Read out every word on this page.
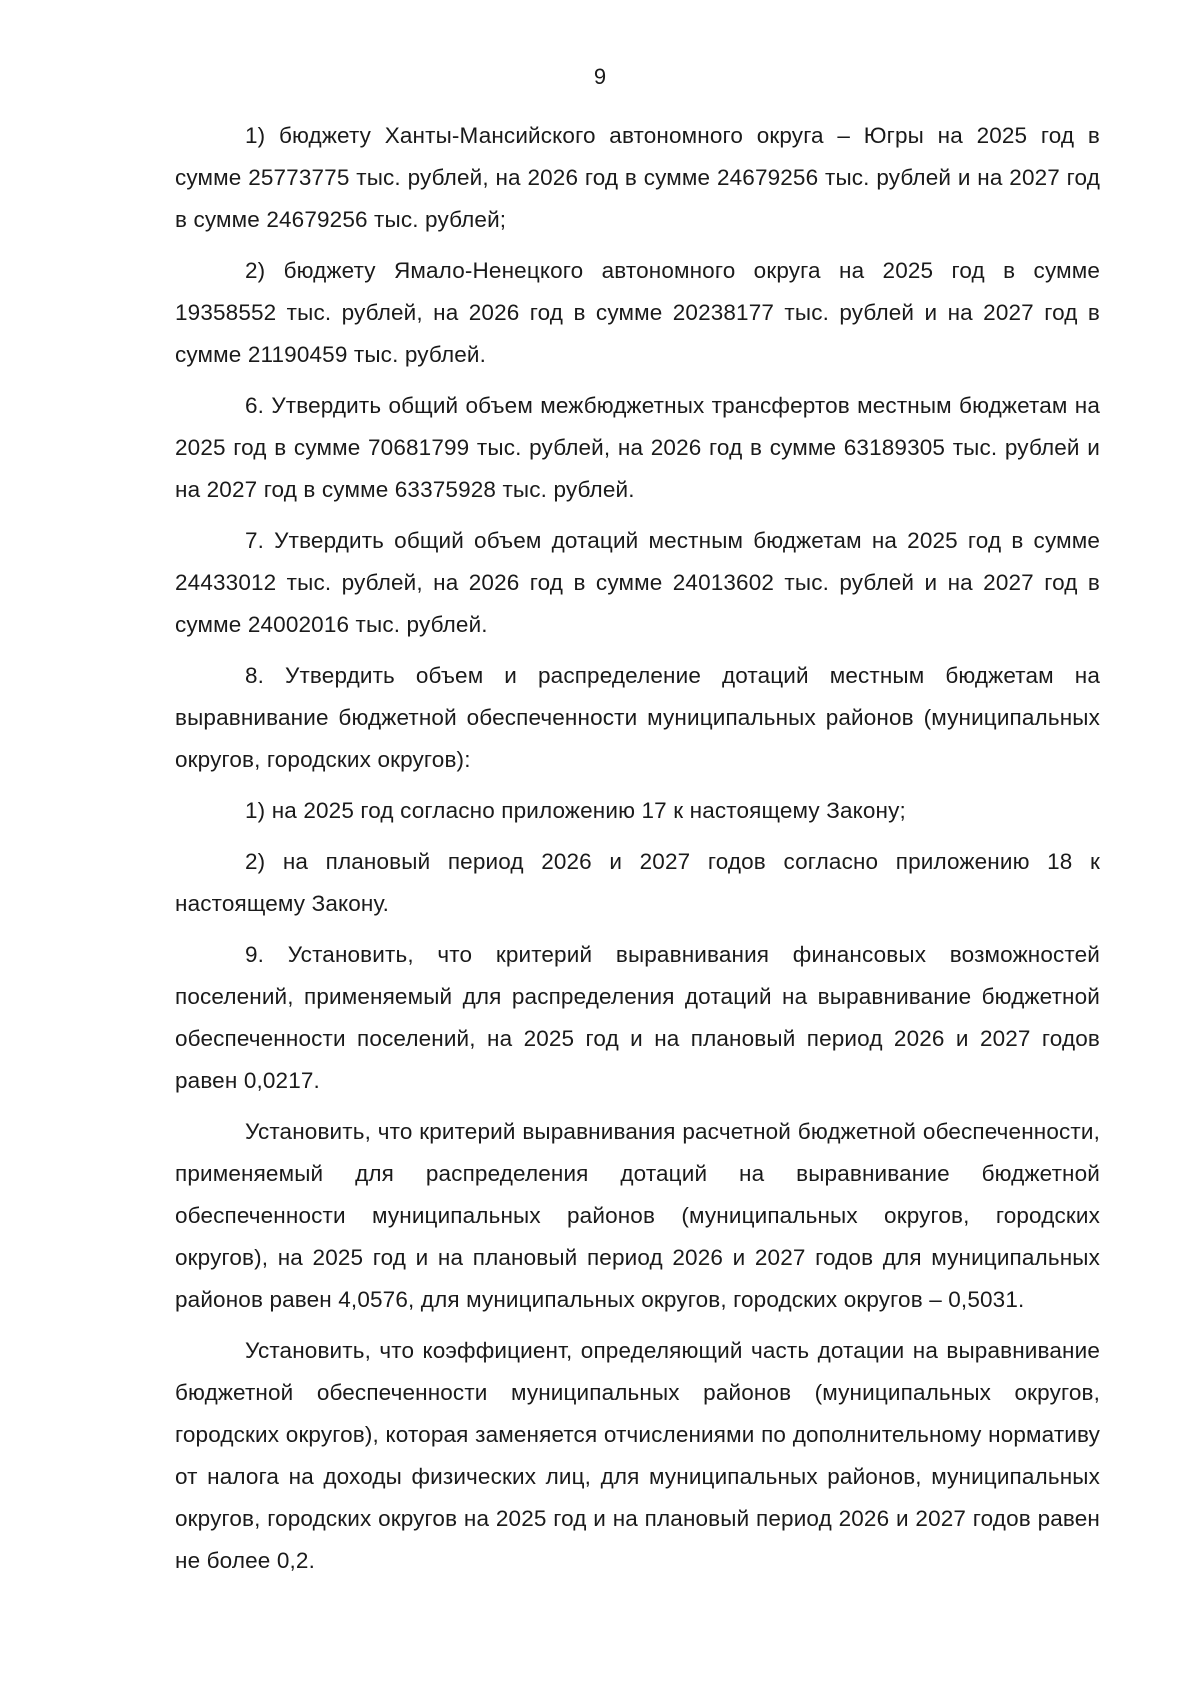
9

1) бюджету Ханты-Мансийского автономного округа – Югры на 2025 год в сумме 25773775 тыс. рублей, на 2026 год в сумме 24679256 тыс. рублей и на 2027 год в сумме 24679256 тыс. рублей;

2) бюджету Ямало-Ненецкого автономного округа на 2025 год в сумме 19358552 тыс. рублей, на 2026 год в сумме 20238177 тыс. рублей и на 2027 год в сумме 21190459 тыс. рублей.

6. Утвердить общий объем межбюджетных трансфертов местным бюджетам на 2025 год в сумме 70681799 тыс. рублей, на 2026 год в сумме 63189305 тыс. рублей и на 2027 год в сумме 63375928 тыс. рублей.

7. Утвердить общий объем дотаций местным бюджетам на 2025 год в сумме 24433012 тыс. рублей, на 2026 год в сумме 24013602 тыс. рублей и на 2027 год в сумме 24002016 тыс. рублей.

8. Утвердить объем и распределение дотаций местным бюджетам на выравнивание бюджетной обеспеченности муниципальных районов (муниципальных округов, городских округов):

1) на 2025 год согласно приложению 17 к настоящему Закону;

2) на плановый период 2026 и 2027 годов согласно приложению 18 к настоящему Закону.

9. Установить, что критерий выравнивания финансовых возможностей поселений, применяемый для распределения дотаций на выравнивание бюджетной обеспеченности поселений, на 2025 год и на плановый период 2026 и 2027 годов равен 0,0217.

Установить, что критерий выравнивания расчетной бюджетной обеспеченности, применяемый для распределения дотаций на выравнивание бюджетной обеспеченности муниципальных районов (муниципальных округов, городских округов), на 2025 год и на плановый период 2026 и 2027 годов для муниципальных районов равен 4,0576, для муниципальных округов, городских округов – 0,5031.

Установить, что коэффициент, определяющий часть дотации на выравнивание бюджетной обеспеченности муниципальных районов (муниципальных округов, городских округов), которая заменяется отчислениями по дополнительному нормативу от налога на доходы физических лиц, для муниципальных районов, муниципальных округов, городских округов на 2025 год и на плановый период 2026 и 2027 годов равен не более 0,2.
